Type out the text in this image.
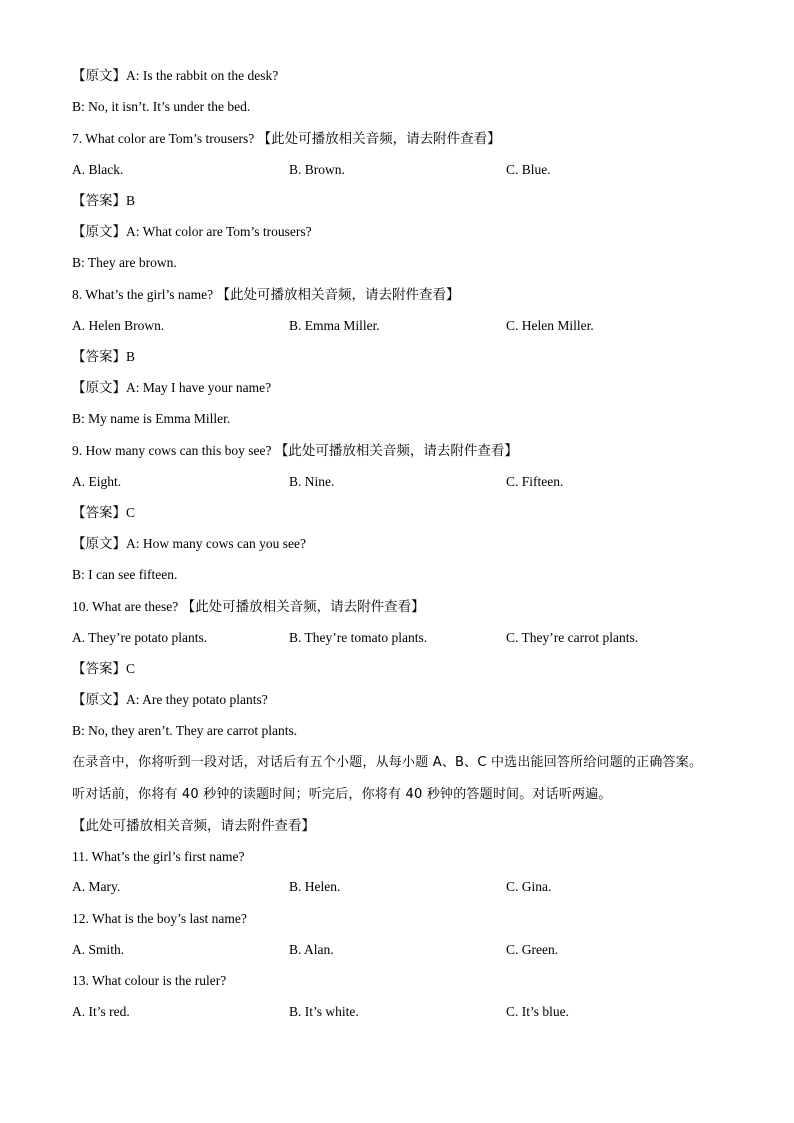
【原文】A: Is the rabbit on the desk?
B: No, it isn’t. It’s under the bed.
7. What color are Tom’s trousers? 【此处可播放相关音频，请去附件查看】
A. Black.	B. Brown.	C. Blue.
【答案】B
【原文】A: What color are Tom’s trousers?
B: They are brown.
8. What’s the girl’s name? 【此处可播放相关音频，请去附件查看】
A. Helen Brown.	B. Emma Miller.	C. Helen Miller.
【答案】B
【原文】A: May I have your name?
B: My name is Emma Miller.
9. How many cows can this boy see? 【此处可播放相关音频，请去附件查看】
A. Eight.	B. Nine.	C. Fifteen.
【答案】C
【原文】A: How many cows can you see?
B: I can see fifteen.
10. What are these? 【此处可播放相关音频，请去附件查看】
A. They’re potato plants.	B. They’re tomato plants.	C. They’re carrot plants.
【答案】C
【原文】A: Are they potato plants?
B: No, they aren’t. They are carrot plants.
在录音中，你将听到一段对话，对话后有五个小题，从每小题 A、B、C 中选出能回答所给问题的正确答案。
听对话前，你将有 40 秒钟的读题时间；听完后，你将有 40 秒钟的答题时间。对话听两遍。
【此处可播放相关音频，请去附件查看】
11. What’s the girl’s first name?
A. Mary.	B. Helen.	C. Gina.
12. What is the boy’s last name?
A. Smith.	B. Alan.	C. Green.
13. What colour is the ruler?
A. It’s red.	B. It’s white.	C. It’s blue.
